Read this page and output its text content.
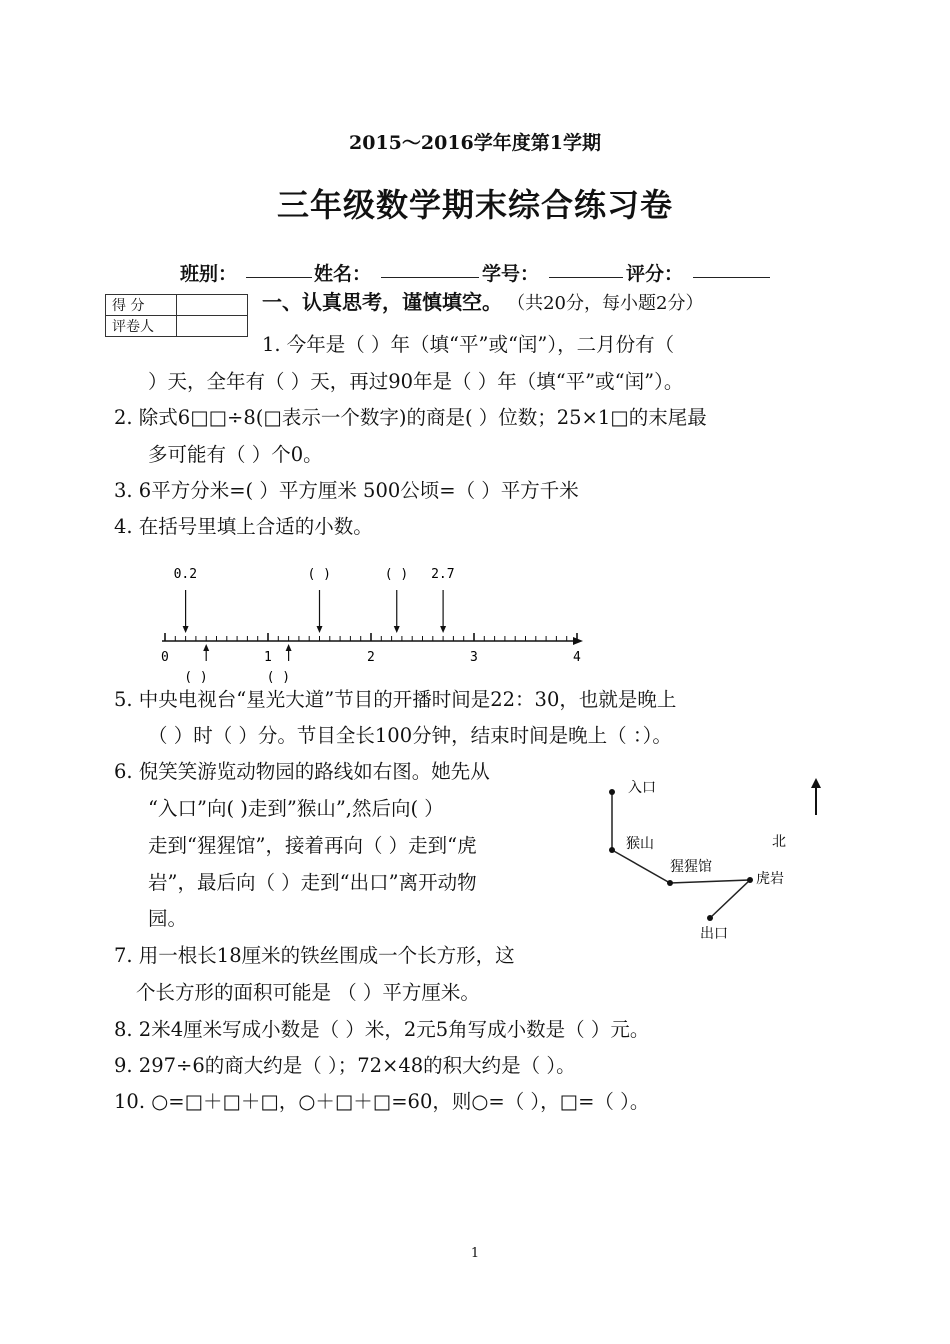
2015～2016学年度第1学期
三年级数学期末综合练习卷
班别：	姓名：	学号：	评分：
得 分	
评卷人	
一、认真思考，谨慎填空。 （共20分，每小题2分）
1. 今年是（ ）年（填“平”或“闰”），二月份有（
）天，全年有（ ）天，再过90年是（ ）年（填“平”或“闰”）。
2. 除式6□□÷8(□表示一个数字)的商是( ）位数；25×1□的末尾最
多可能有（ ）个0。
3. 6平方分米=( ）平方厘米 500公顷=（ ）平方千米
4. 在括号里填上合适的小数。
0	1	2	3	4
0.2	( )	( ) 2.7
( )	( )
5. 中央电视台“星光大道”节目的开播时间是22：30，也就是晚上
（ ）时（ ）分。节目全长100分钟，结束时间是晚上（ ：）。
6. 倪笑笑游览动物园的路线如右图。她先从
“入口”向( )走到”猴山”,然后向( ）
走到“猩猩馆”，接着再向（ ）走到“虎
岩”，最后向（ ）走到“出口”离开动物
园。
入口
猴山
猩猩馆
虎岩
出口
北
7. 用一根长18厘米的铁丝围成一个长方形，这
个长方形的面积可能是 （ ）平方厘米。
8. 2米4厘米写成小数是（ ）米，2元5角写成小数是（ ）元。
9. 297÷6的商大约是（ ）；72×48的积大约是（ ）。
10. ○=□＋□＋□，○＋□＋□=60，则○=（ ），□=（ ）。
1
